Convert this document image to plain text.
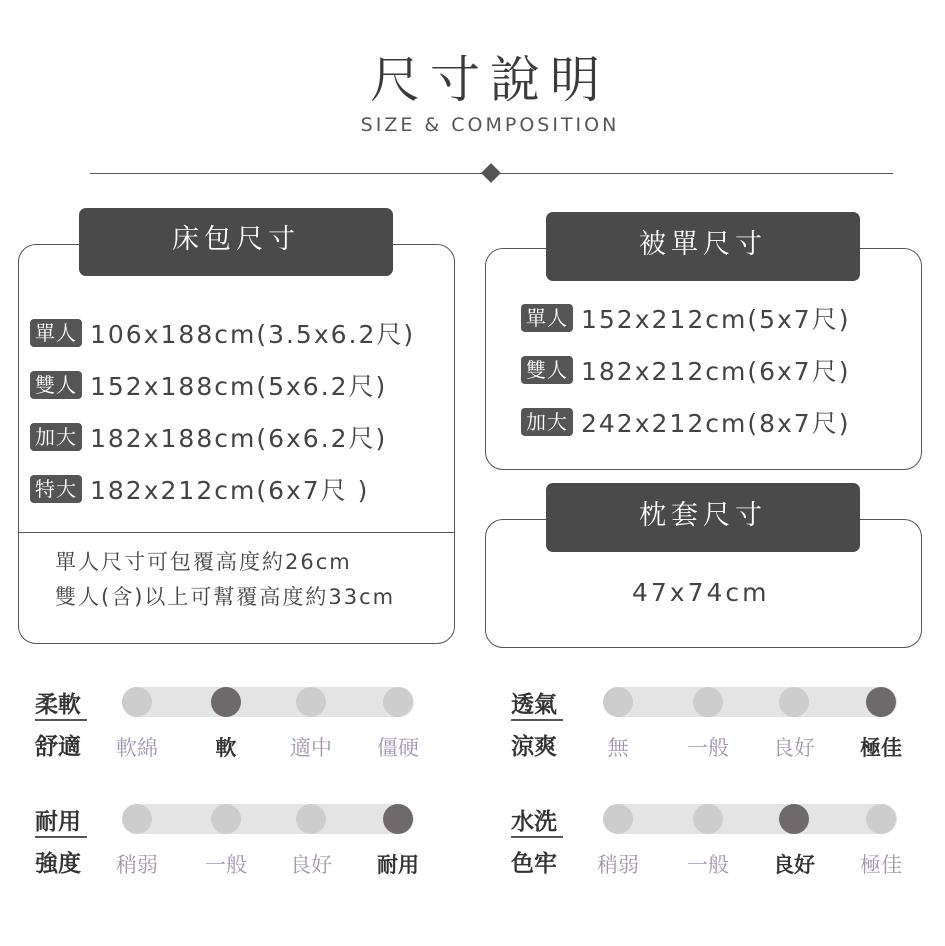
尺寸說明
SIZE & COMPOSITION
床包尺寸
單人 106x188cm(3.5x6.2尺)
雙人 152x188cm(5x6.2尺)
加大 182x188cm(6x6.2尺)
特大 182x212cm(6x7尺 )
單人尺寸可包覆高度約26cm
雙人(含)以上可幫覆高度約33cm
被單尺寸
單人 152x212cm(5x7尺)
雙人 182x212cm(6x7尺)
加大 242x212cm(8x7尺)
枕套尺寸
47x74cm
柔軟
舒適	軟綿	軟	適中	僵硬
透氣
涼爽	無	一般	良好	極佳
耐用
強度	稍弱	一般	良好	耐用
水洗
色牢	稍弱	一般	良好	極佳
